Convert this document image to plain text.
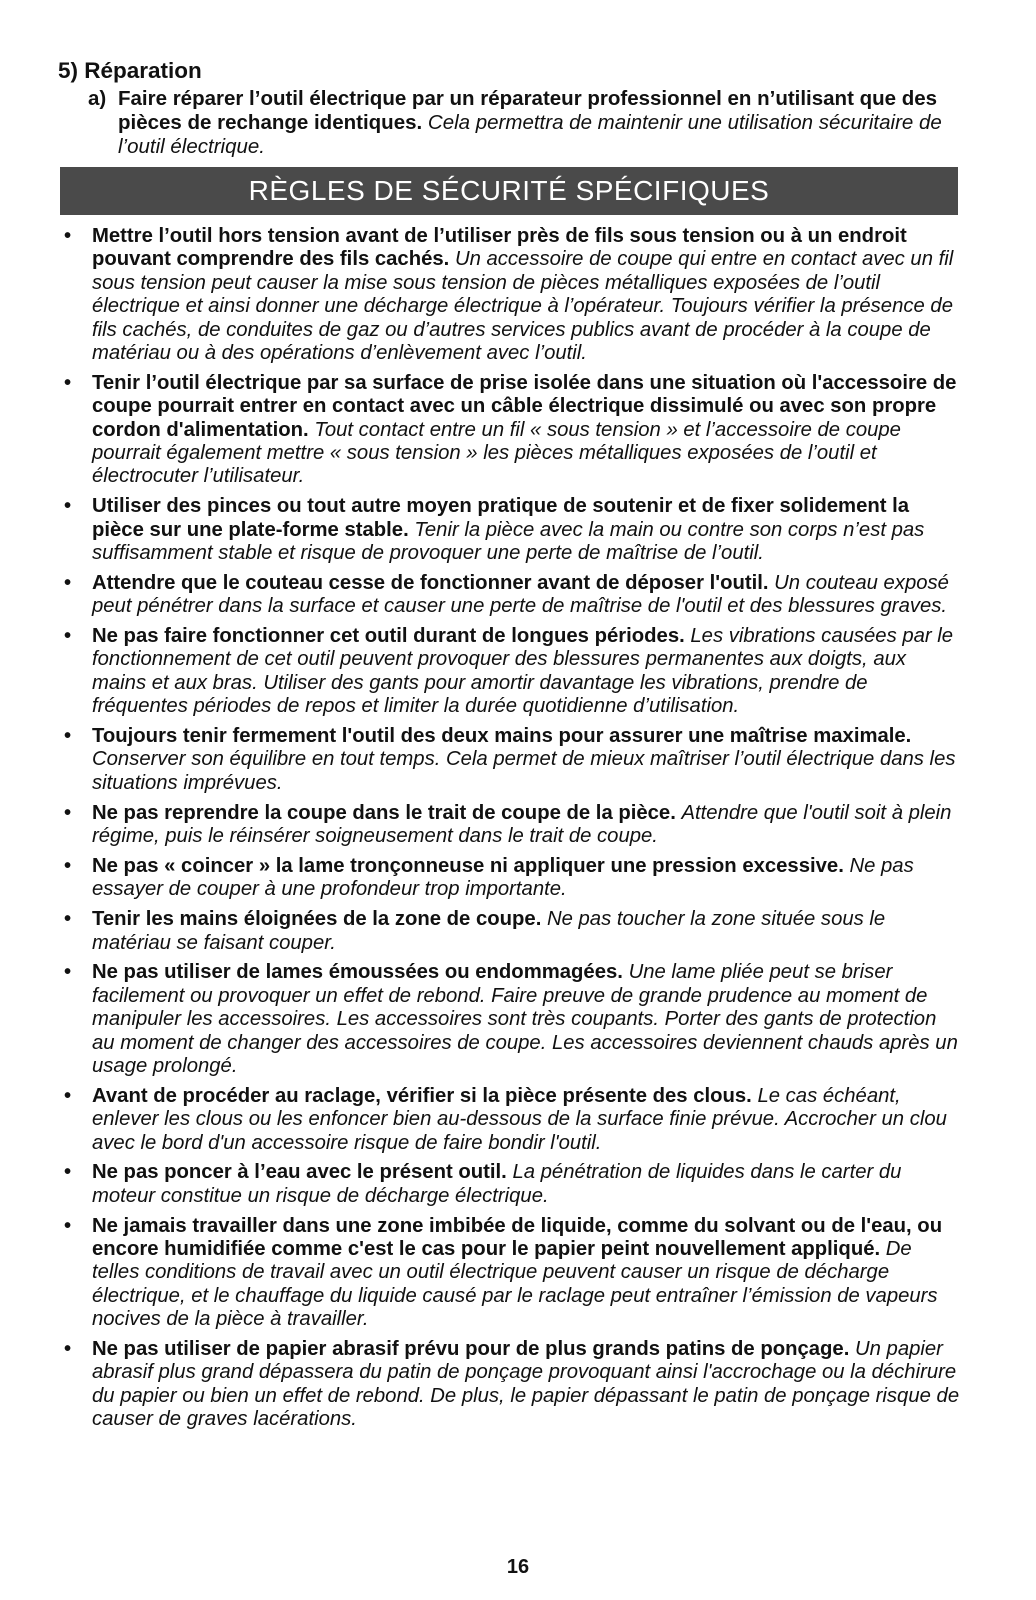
5) Réparation
a) Faire réparer l’outil électrique par un réparateur professionnel en n’utilisant que des pièces de rechange identiques. Cela permettra de maintenir une utilisation sécuritaire de l’outil électrique.
RÈGLES DE SÉCURITÉ SPÉCIFIQUES
• Mettre l’outil hors tension avant de l’utiliser près de fils sous tension ou à un endroit pouvant comprendre des fils cachés. Un accessoire de coupe qui entre en contact avec un fil sous tension peut causer la mise sous tension de pièces métalliques exposées de l’outil électrique et ainsi donner une décharge électrique à l’opérateur. Toujours vérifier la présence de fils cachés, de conduites de gaz ou d’autres services publics avant de procéder à la coupe de matériau ou à des opérations d’enlèvement avec l’outil.
• Tenir l’outil électrique par sa surface de prise isolée dans une situation où l'accessoire de coupe pourrait entrer en contact avec un câble électrique dissimulé ou avec son propre cordon d'alimentation. Tout contact entre un fil « sous tension » et l’accessoire de coupe pourrait également mettre « sous tension » les pièces métalliques exposées de l’outil et électrocuter l’utilisateur.
• Utiliser des pinces ou tout autre moyen pratique de soutenir et de fixer solidement la pièce sur une plate-forme stable. Tenir la pièce avec la main ou contre son corps n’est pas suffisamment stable et risque de provoquer une perte de maîtrise de l’outil.
• Attendre que le couteau cesse de fonctionner avant de déposer l'outil. Un couteau exposé peut pénétrer dans la surface et causer une perte de maîtrise de l'outil et des blessures graves.
• Ne pas faire fonctionner cet outil durant de longues périodes. Les vibrations causées par le fonctionnement de cet outil peuvent provoquer des blessures permanentes aux doigts, aux mains et aux bras. Utiliser des gants pour amortir davantage les vibrations, prendre de fréquentes périodes de repos et limiter la durée quotidienne d’utilisation.
• Toujours tenir fermement l'outil des deux mains pour assurer une maîtrise maximale. Conserver son équilibre en tout temps. Cela permet de mieux maîtriser l’outil électrique dans les situations imprévues.
• Ne pas reprendre la coupe dans le trait de coupe de la pièce. Attendre que l'outil soit à plein régime, puis le réinsérer soigneusement dans le trait de coupe.
• Ne pas « coincer » la lame tronçonneuse ni appliquer une pression excessive. Ne pas essayer de couper à une profondeur trop importante.
• Tenir les mains éloignées de la zone de coupe. Ne pas toucher la zone située sous le matériau se faisant couper.
• Ne pas utiliser de lames émoussées ou endommagées. Une lame pliée peut se briser facilement ou provoquer un effet de rebond. Faire preuve de grande prudence au moment de manipuler les accessoires. Les accessoires sont très coupants. Porter des gants de protection au moment de changer des accessoires de coupe. Les accessoires deviennent chauds après un usage prolongé.
• Avant de procéder au raclage, vérifier si la pièce présente des clous. Le cas échéant, enlever les clous ou les enfoncer bien au-dessous de la surface finie prévue. Accrocher un clou avec le bord d'un accessoire risque de faire bondir l'outil.
• Ne pas poncer à l’eau avec le présent outil. La pénétration de liquides dans le carter du moteur constitue un risque de décharge électrique.
• Ne jamais travailler dans une zone imbibée de liquide, comme du solvant ou de l'eau, ou encore humidifiée comme c'est le cas pour le papier peint nouvellement appliqué. De telles conditions de travail avec un outil électrique peuvent causer un risque de décharge électrique, et le chauffage du liquide causé par le raclage peut entraîner l’émission de vapeurs nocives de la pièce à travailler.
• Ne pas utiliser de papier abrasif prévu pour de plus grands patins de ponçage. Un papier abrasif plus grand dépassera du patin de ponçage provoquant ainsi l'accrochage ou la déchirure du papier ou bien un effet de rebond. De plus, le papier dépassant le patin de ponçage risque de causer de graves lacérations.
16
